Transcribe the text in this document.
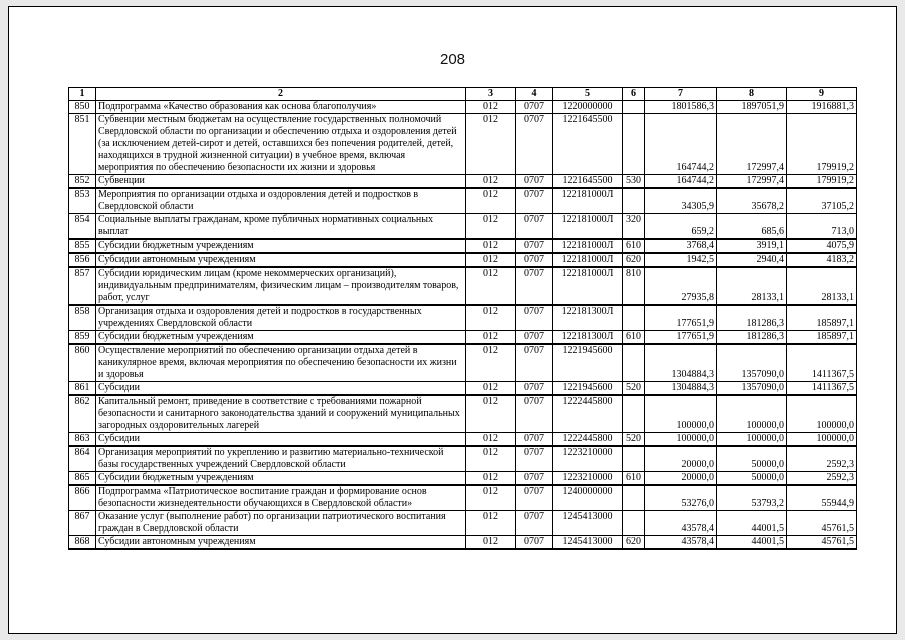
208
1	2	3	4	5	6	7	8	9
850	Подпрограмма «Качество образования как основа благополучия»	012	0707	1220000000		1801586,3	1897051,9	1916881,3
851	Субвенции местным бюджетам на осуществление государственных полномочий Свердловской области по организации и обеспечению отдыха и оздоровления детей (за исключением детей-сирот и детей, оставшихся без попечения родителей, детей, находящихся в трудной жизненной ситуации) в учебное время, включая мероприятия по обеспечению безопасности их жизни и здоровья	012	0707	1221645500		164744,2	172997,4	179919,2
852	Субвенции	012	0707	1221645500	530	164744,2	172997,4	179919,2
853	Мероприятия по организации отдыха и оздоровления детей и подростков в Свердловской области	012	0707	122181000Л		34305,9	35678,2	37105,2
854	Социальные выплаты гражданам, кроме публичных нормативных социальных выплат	012	0707	122181000Л	320	659,2	685,6	713,0
855	Субсидии бюджетным учреждениям	012	0707	122181000Л	610	3768,4	3919,1	4075,9
856	Субсидии автономным учреждениям	012	0707	122181000Л	620	1942,5	2940,4	4183,2
857	Субсидии юридическим лицам (кроме некоммерческих организаций), индивидуальным предпринимателям, физическим лицам – производителям товаров, работ, услуг	012	0707	122181000Л	810	27935,8	28133,1	28133,1
858	Организация отдыха и оздоровления детей и подростков в государственных учреждениях Свердловской области	012	0707	122181300Л		177651,9	181286,3	185897,1
859	Субсидии бюджетным учреждениям	012	0707	122181300Л	610	177651,9	181286,3	185897,1
860	Осуществление мероприятий по обеспечению организации отдыха детей в каникулярное время, включая мероприятия по обеспечению безопасности их жизни и здоровья	012	0707	1221945600		1304884,3	1357090,0	1411367,5
861	Субсидии	012	0707	1221945600	520	1304884,3	1357090,0	1411367,5
862	Капитальный ремонт, приведение в соответствие с требованиями пожарной безопасности и санитарного законодательства зданий и сооружений муниципальных загородных оздоровительных лагерей	012	0707	1222445800		100000,0	100000,0	100000,0
863	Субсидии	012	0707	1222445800	520	100000,0	100000,0	100000,0
864	Организация мероприятий по укреплению и развитию материально-технической базы государственных учреждений Свердловской области	012	0707	1223210000		20000,0	50000,0	2592,3
865	Субсидии бюджетным учреждениям	012	0707	1223210000	610	20000,0	50000,0	2592,3
866	Подпрограмма «Патриотическое воспитание граждан и формирование основ безопасности жизнедеятельности обучающихся в Свердловской области»	012	0707	1240000000		53276,0	53793,2	55944,9
867	Оказание услуг (выполнение работ) по организации патриотического воспитания граждан в Свердловской области	012	0707	1245413000		43578,4	44001,5	45761,5
868	Субсидии автономным учреждениям	012	0707	1245413000	620	43578,4	44001,5	45761,5
